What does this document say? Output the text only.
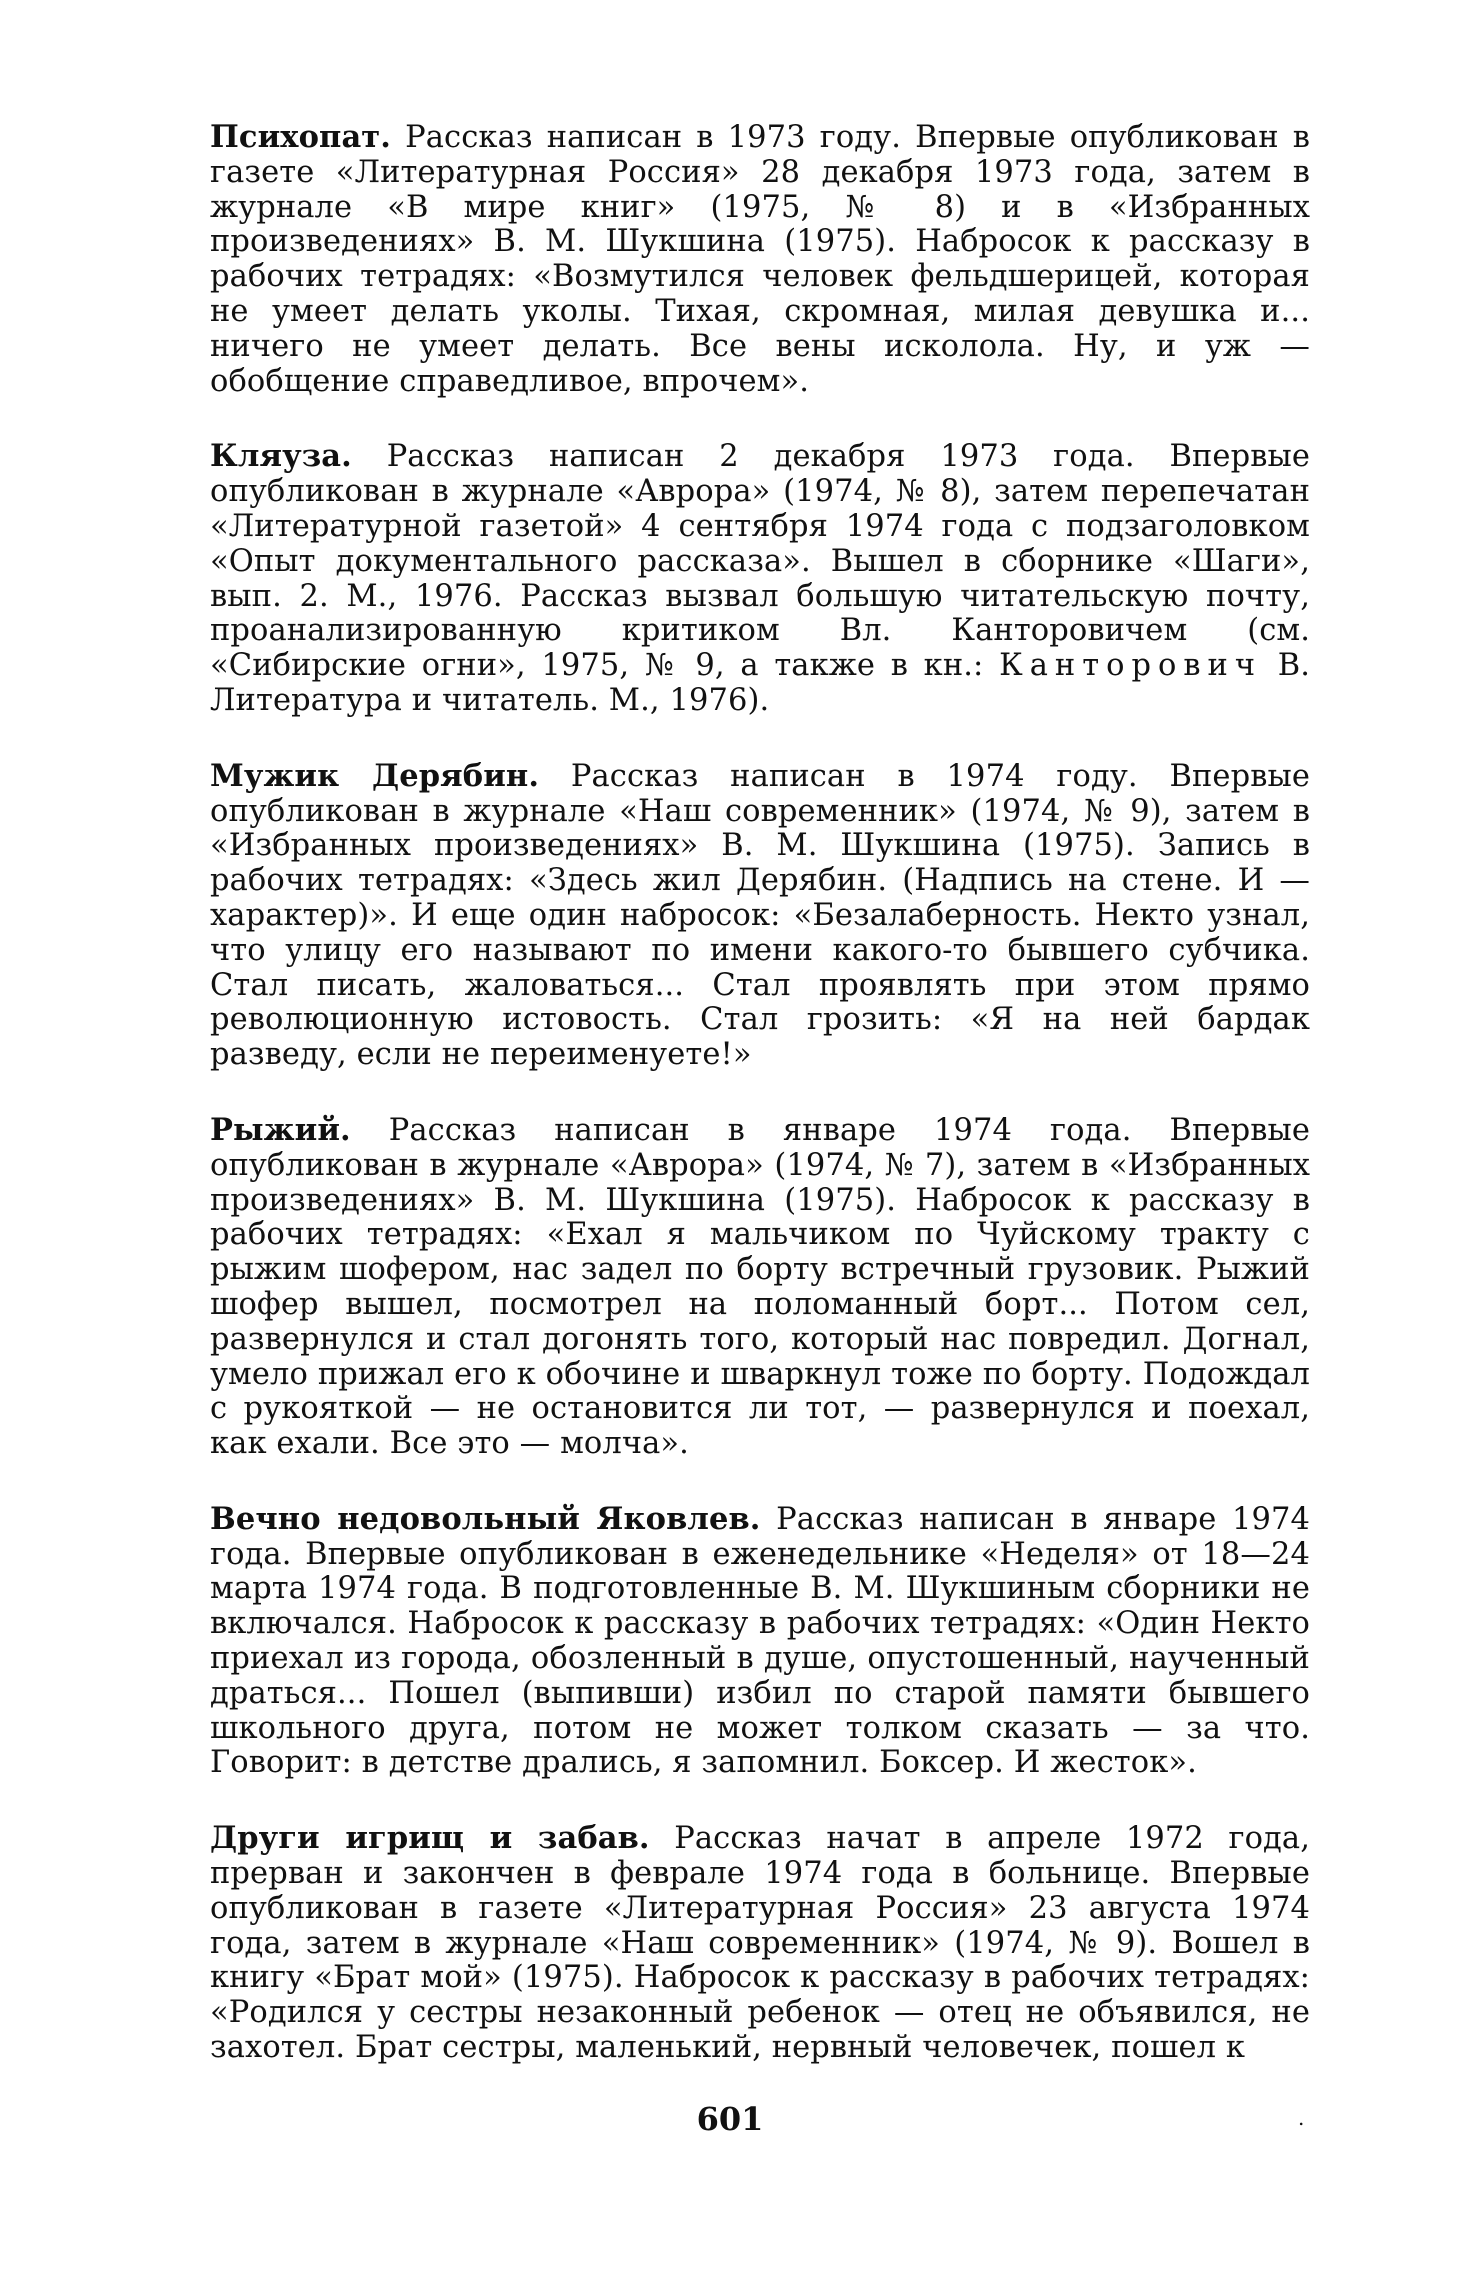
Психопат. Рассказ написан в 1973 году. Впервые опубликован в газете «Литературная Россия» 28 декабря 1973 года, затем в журнале «В мире книг» (1975, № 8) и в «Избранных произведениях» В. М. Шукшина (1975). Набросок к рассказу в рабочих тетрадях: «Возмутился человек фельдшерицей, которая не умеет делать уколы. Тихая, скромная, милая девушка и... ничего не умеет делать. Все вены исколола. Ну, и уж — обобщение справедливое, впрочем».

Кляуза. Рассказ написан 2 декабря 1973 года. Впервые опубликован в журнале «Аврора» (1974, № 8), затем перепечатан «Литературной газетой» 4 сентября 1974 года с подзаголовком «Опыт документального рассказа». Вышел в сборнике «Шаги», вып. 2. М., 1976. Рассказ вызвал большую читательскую почту, проанализированную критиком Вл. Канторовичем (см. «Сибирские огни», 1975, № 9, а также в кн.: Канторович В. Литература и читатель. М., 1976).

Мужик Дерябин. Рассказ написан в 1974 году. Впервые опубликован в журнале «Наш современник» (1974, № 9), затем в «Избранных произведениях» В. М. Шукшина (1975). Запись в рабочих тетрадях: «Здесь жил Дерябин. (Надпись на стене. И — характер)». И еще один набросок: «Безалаберность. Некто узнал, что улицу его называют по имени какого-то бывшего субчика. Стал писать, жаловаться... Стал проявлять при этом прямо революционную истовость. Стал грозить: «Я на ней бардак разведу, если не переименуете!»

Рыжий. Рассказ написан в январе 1974 года. Впервые опубликован в журнале «Аврора» (1974, № 7), затем в «Избранных произведениях» В. М. Шукшина (1975). Набросок к рассказу в рабочих тетрадях: «Ехал я мальчиком по Чуйскому тракту с рыжим шофером, нас задел по борту встречный грузовик. Рыжий шофер вышел, посмотрел на поломанный борт... Потом сел, развернулся и стал догонять того, который нас повредил. Догнал, умело прижал его к обочине и шваркнул тоже по борту. Подождал с рукояткой — не остановится ли тот, — развернулся и поехал, как ехали. Все это — молча».

Вечно недовольный Яковлев. Рассказ написан в январе 1974 года. Впервые опубликован в еженедельнике «Неделя» от 18—24 марта 1974 года. В подготовленные В. М. Шукшиным сборники не включался. Набросок к рассказу в рабочих тетрадях: «Один Некто приехал из города, обозленный в душе, опустошенный, наученный драться... Пошел (выпивши) избил по старой памяти бывшего школьного друга, потом не может толком сказать — за что. Говорит: в детстве дрались, я запомнил. Боксер. И жесток».

Други игрищ и забав. Рассказ начат в апреле 1972 года, прерван и закончен в феврале 1974 года в больнице. Впервые опубликован в газете «Литературная Россия» 23 августа 1974 года, затем в журнале «Наш современник» (1974, № 9). Вошел в книгу «Брат мой» (1975). Набросок к рассказу в рабочих тетрадях: «Родился у сестры незаконный ребенок — отец не объявился, не захотел. Брат сестры, маленький, нервный человечек, пошел к

601	.
